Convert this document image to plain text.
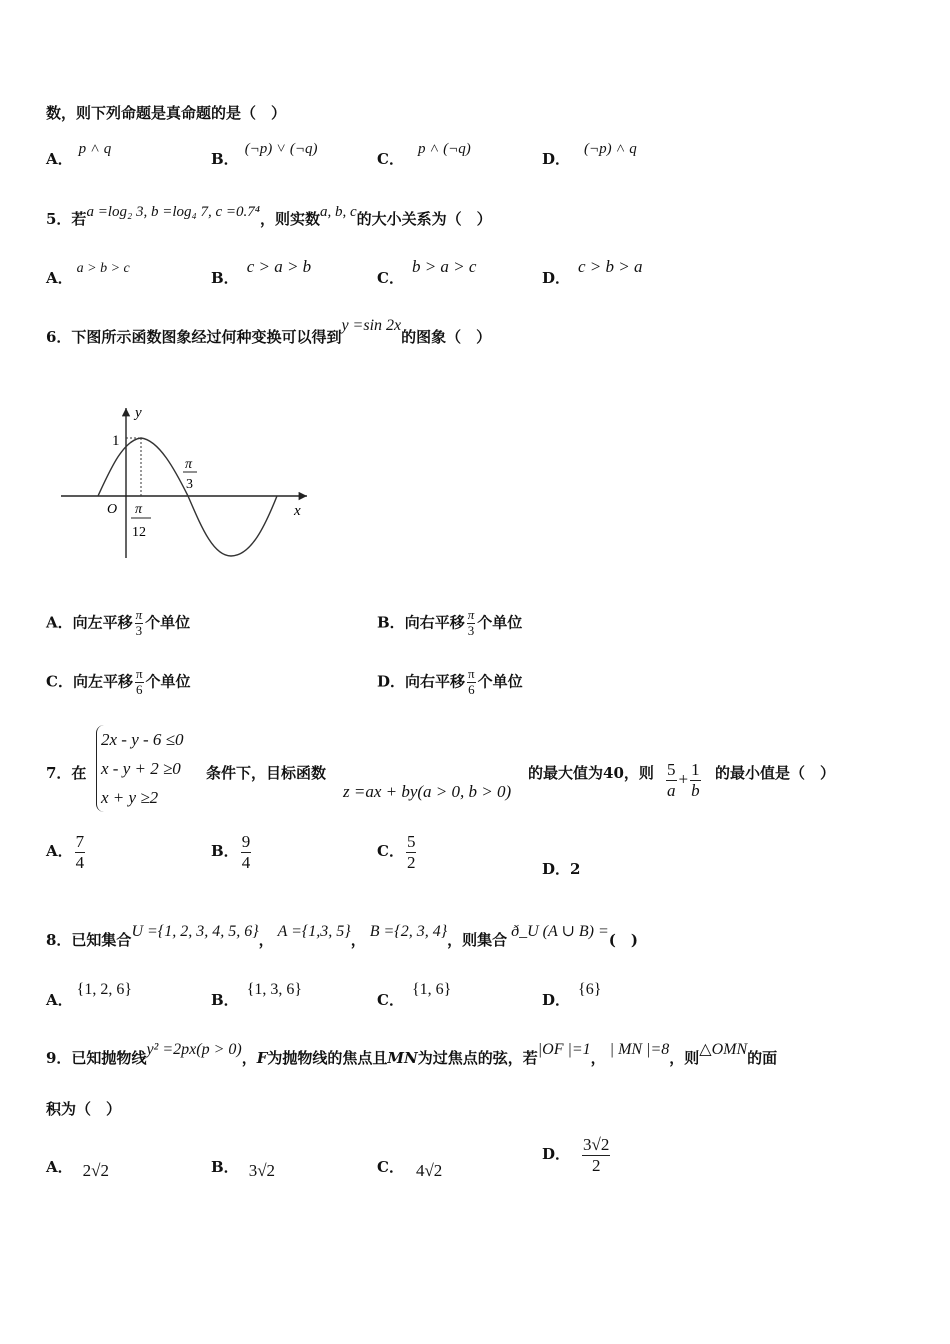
数，则下列命题是真命题的是（　）
A．p ˄ q
B．(¬p) ˅ (¬q)
C．p ˄ (¬q)
D．(¬p) ˄ q
5．若a =log₂ 3, b =log₄ 7, c =0.7⁴，则实数a, b, c的大小关系为（　）
A．a > b > c
B．c > a > b
C．b > a > c
D．c > b > a
6．下图所示函数图象经过何种变换可以得到y =sin 2x的图象（　）
y
x
O
1
π
3
π
12
A．向左平移 $\frac{\pi}{3}$ 个单位	B．向右平移 $\frac{\pi}{3}$ 个单位
C．向左平移 $\frac{\pi}{6}$ 个单位	D．向右平移 $\frac{\pi}{6}$ 个单位
7．在
2x - y - 6 ≤0
x - y + 2 ≥0
x + y ≥2
条件下，目标函数
z =ax + by(a > 0, b > 0)
的最大值为40，则 $\frac{5}{a} + \frac{1}{b}$ 的最小值是（　）
A． $\frac{7}{4}$	B． $\frac{9}{4}$	C． $\frac{5}{2}$	D．2
8．已知集合U ={1, 2, 3, 4, 5, 6}， A ={1,3, 5}， B ={2, 3, 4}，则集合 ð_U (A ∪ B) =(　)
A．{1, 2, 6}
B．{1, 3, 6}
C．{1, 6}
D．{6}
9．已知抛物线y² =2px(p > 0)，F为抛物线的焦点且MN为过焦点的弦，若|OF |=1， | MN |=8，则△OMN的面
积为（　）
A． 2√2	B． 3√2	C． 4√2
D． $\frac{3√2}{2}$
